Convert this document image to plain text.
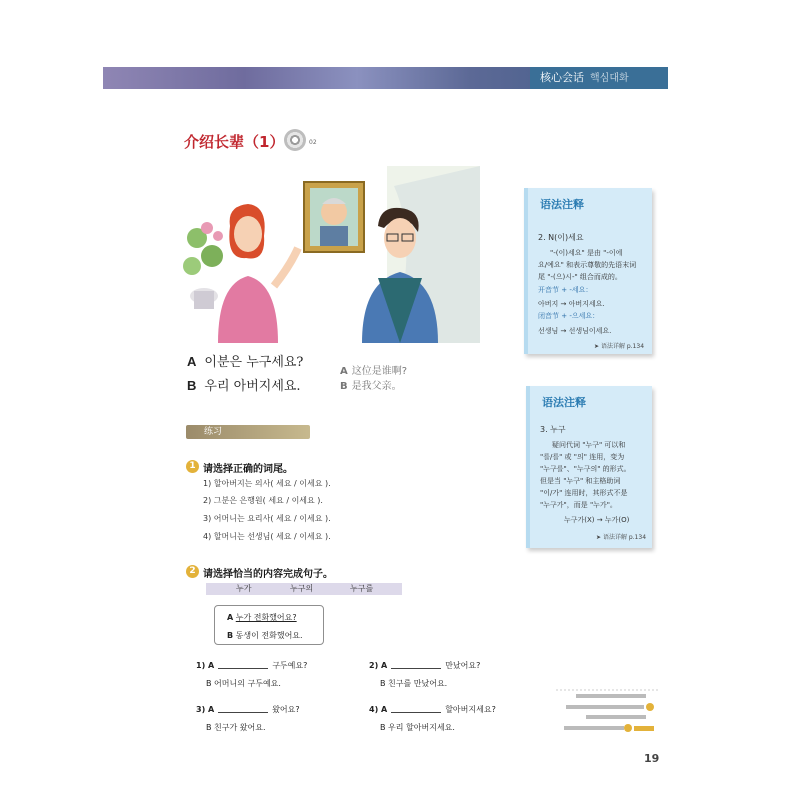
核心会话 핵심대화
介绍长辈（1）	02
A 이분은 누구세요?
B 우리 아버지세요.
A 这位是谁啊?
B 是我父亲。
语法注释
2. N(이)세요
"-(이)세요" 是由 "-이에
요/예요" 和表示尊敬的先语末词
尾 "-(으)시-" 组合而成的。
开音节 + -세요：
아버지 → 아버지세요.
闭音节 + -으세요：
선생님 → 선생님이세요.
➤ 语法详解 p.134
语法注释
3. 누구
疑问代词 "누구" 可以和
"를/를" 或 "의" 连用，变为
"누구를"、"누구의" 的形式。
但是当 "누구" 和主格助词
"이/가" 连用时，其形式不是
"누구가"，而是 "누가"。
누구가(X) → 누가(O)
➤ 语法详解 p.134
练习
1 请选择正确的词尾。
1) 할아버지는 의사( 세요 / 이세요 ).
2) 그분은 은행원( 세요 / 이세요 ).
3) 어머니는 요리사( 세요 / 이세요 ).
4) 할머니는 선생님( 세요 / 이세요 ).
2 请选择恰当的内容完成句子。
누가	누구의	누구를
A 누가 전화했어요?
B 동생이 전화했어요.
1) A	구두예요?
B 어머니의 구두예요.
2) A	만났어요?
B 친구를 만났어요.
3) A	왔어요?
B 친구가 왔어요.
4) A	할아버지세요?
B 우리 할아버지세요.
19
